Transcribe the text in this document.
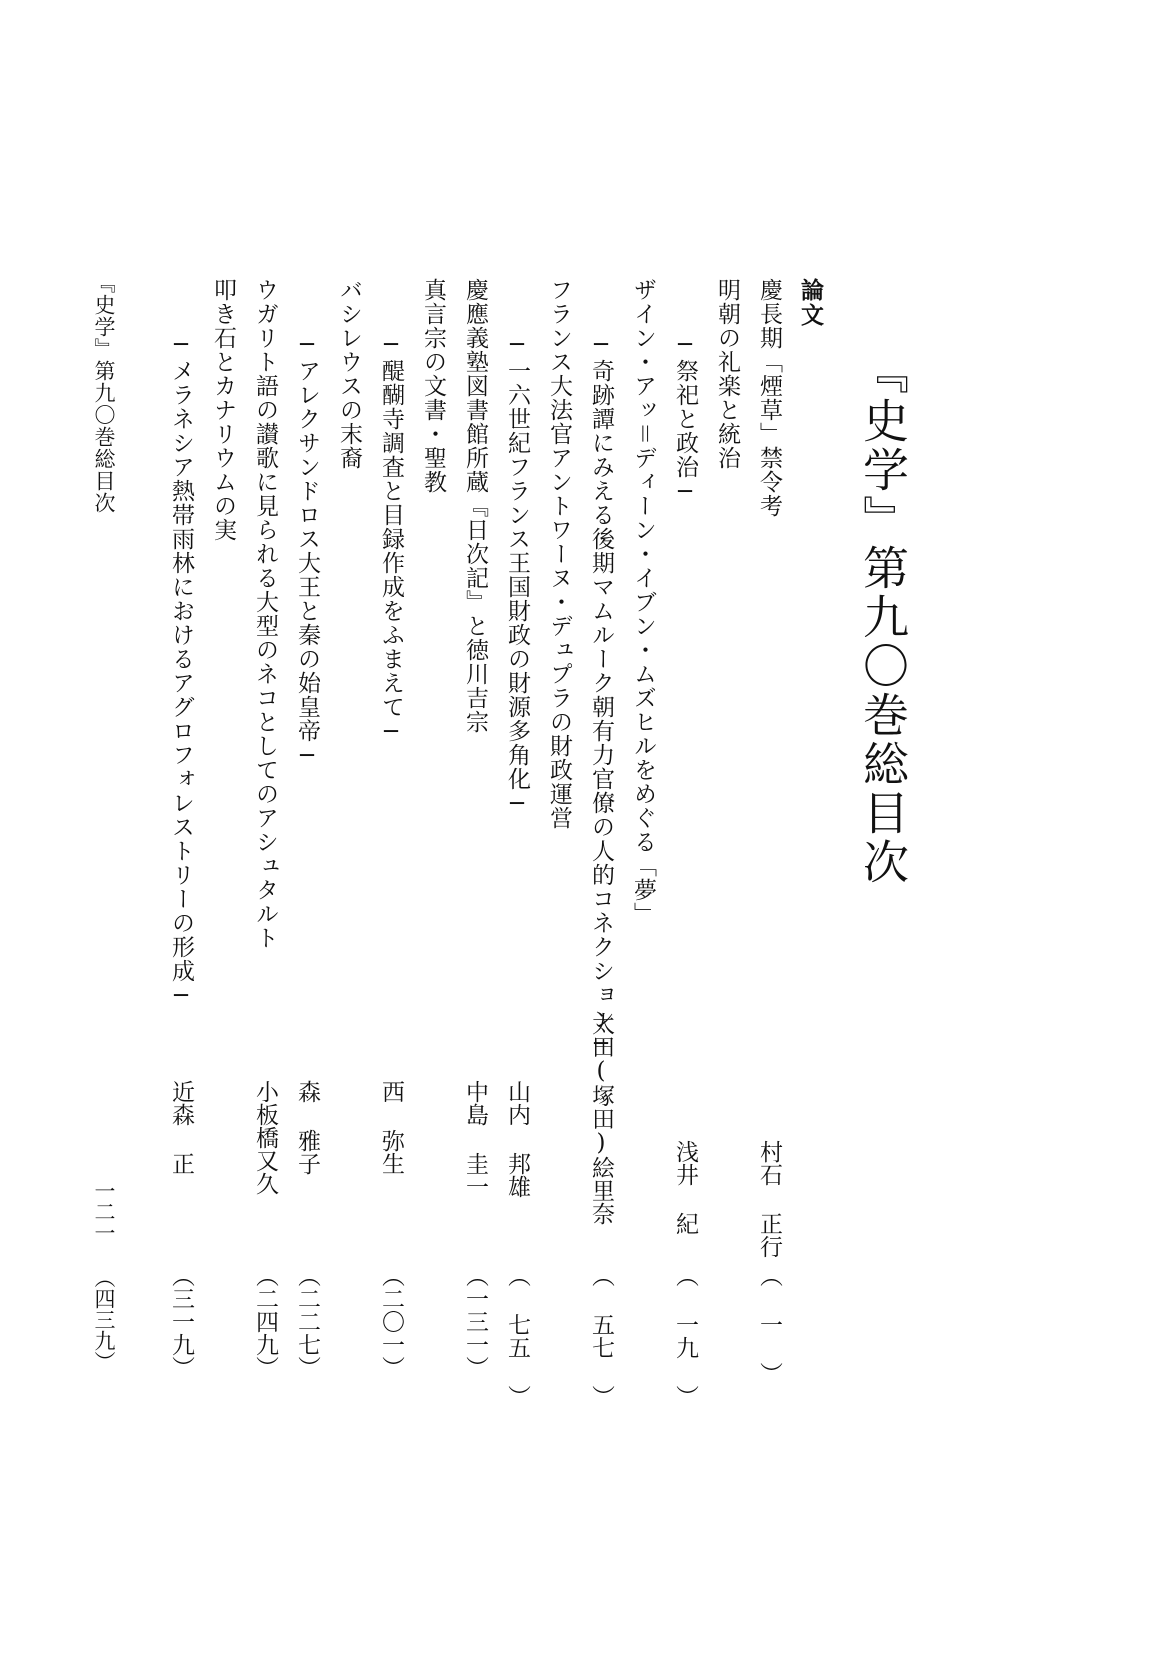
『史学』第九〇巻総目次
論文
慶長期「煙草」禁令考
村石 正行
（ 一 ）
明朝の礼楽と統治
─祭祀と政治─
浅井 紀
（ 一九 ）
ザイン・アッ＝ディーン・イブン・ムズヒルをめぐる「夢」
─奇跡譚にみえる後期マムルーク朝有力官僚の人的コネクション─
太田(塚田)絵里奈
（ 五七 ）
フランス大法官アントワーヌ・デュプラの財政運営
─一六世紀フランス王国財政の財源多角化─
山内 邦雄
（ 七五 ）
慶應義塾図書館所蔵『日次記』と徳川吉宗
中島 圭一
（一三一）
真言宗の文書・聖教
─醍醐寺調査と目録作成をふまえて─
西 弥生
（二〇一）
バシレウスの末裔
─アレクサンドロス大王と秦の始皇帝─
森 雅子
（二二七）
ウガリト語の讃歌に見られる大型のネコとしてのアシュタルト
小板橋又久
（二四九）
叩き石とカナリウムの実
─メラネシア熱帯雨林におけるアグロフォレストリーの形成─
近森 正
（三一九）
『史学』第九〇巻総目次
一二一 （四三九）
